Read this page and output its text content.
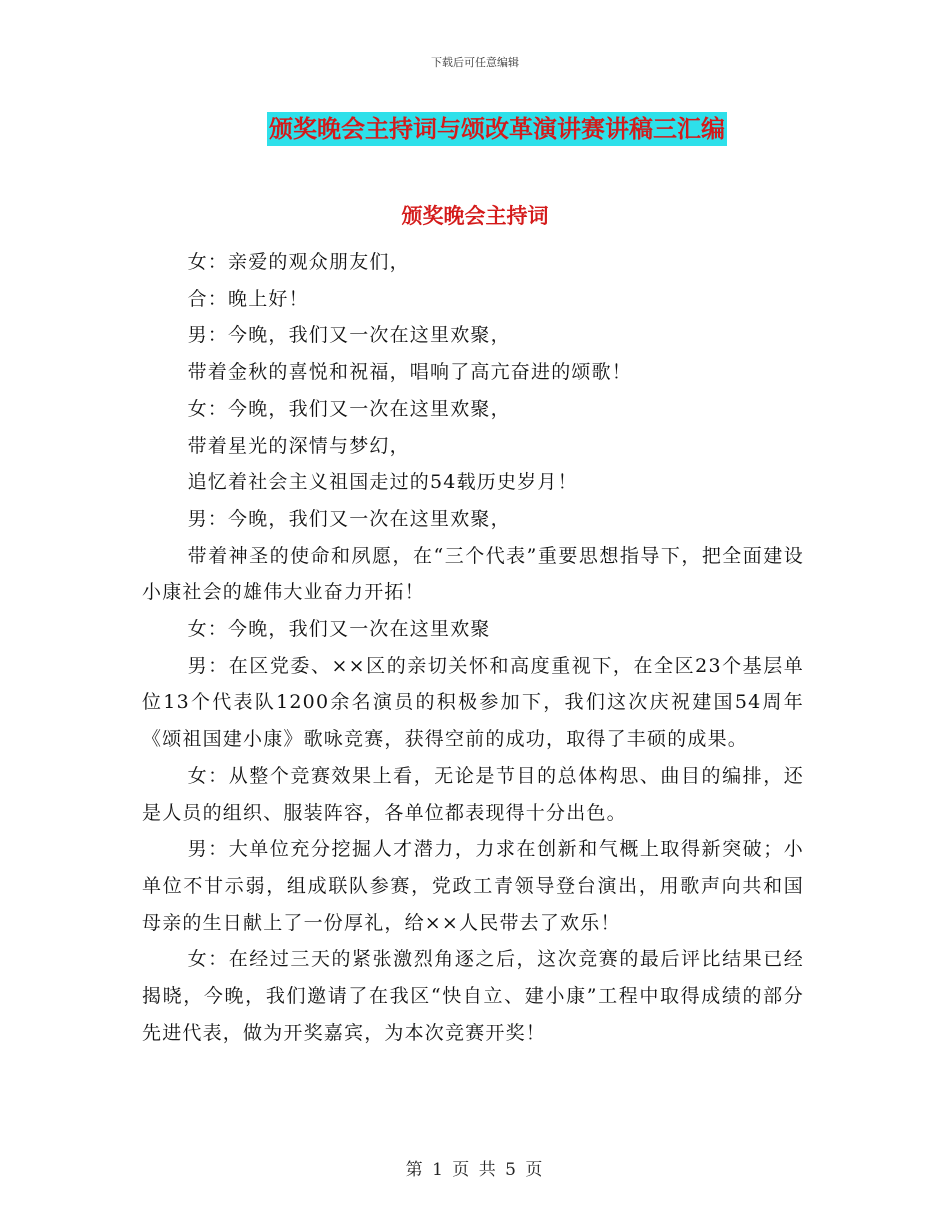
下载后可任意编辑
颁奖晚会主持词与颂改革演讲赛讲稿三汇编
颁奖晚会主持词

女：亲爱的观众朋友们，

合：晚上好！

男：今晚，我们又一次在这里欢聚，

带着金秋的喜悦和祝福，唱响了高亢奋进的颂歌！

女：今晚，我们又一次在这里欢聚，

带着星光的深情与梦幻，

追忆着社会主义祖国走过的54载历史岁月！

男：今晚，我们又一次在这里欢聚，

带着神圣的使命和夙愿，在“三个代表”重要思想指导下，把全面建设小康社会的雄伟大业奋力开拓！

女：今晚，我们又一次在这里欢聚

男：在区党委、××区的亲切关怀和高度重视下，在全区23个基层单位13个代表队1200余名演员的积极参加下，我们这次庆祝建国54周年《颂祖国建小康》歌咏竞赛，获得空前的成功，取得了丰硕的成果。

女：从整个竞赛效果上看，无论是节目的总体构思、曲目的编排，还是人员的组织、服装阵容，各单位都表现得十分出色。

男：大单位充分挖掘人才潜力，力求在创新和气概上取得新突破；小单位不甘示弱，组成联队参赛，党政工青领导登台演出，用歌声向共和国母亲的生日献上了一份厚礼，给××人民带去了欢乐！

女：在经过三天的紧张激烈角逐之后，这次竞赛的最后评比结果已经揭晓，今晚，我们邀请了在我区“快自立、建小康”工程中取得成绩的部分先进代表，做为开奖嘉宾，为本次竞赛开奖！

第 1 页 共 5 页
